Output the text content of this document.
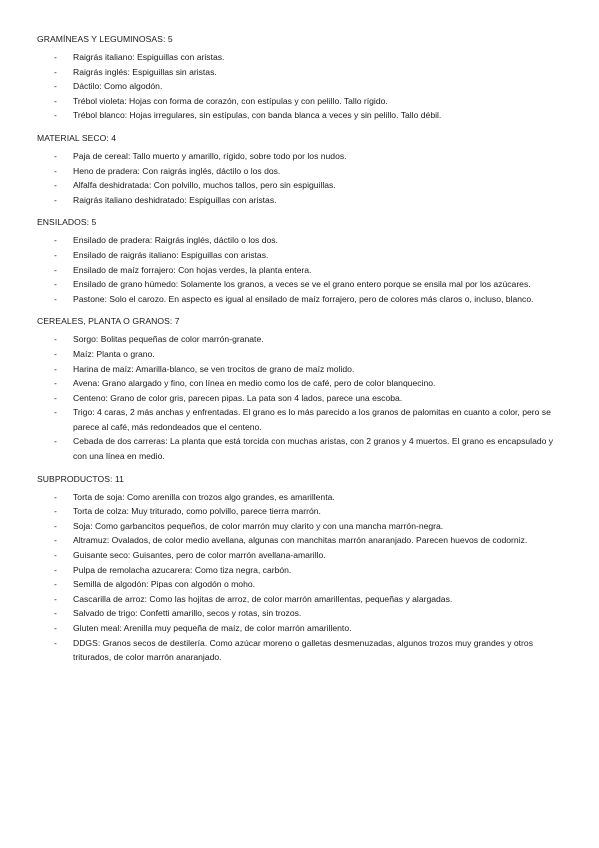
GRAMÍNEAS Y LEGUMINOSAS: 5

- Raigrás italiano: Espiguillas con aristas.
- Raigrás inglés: Espiguillas sin aristas.
- Dáctilo: Como algodón.
- Trébol violeta: Hojas con forma de corazón, con estípulas y con pelillo. Tallo rígido.
- Trébol blanco: Hojas irregulares, sin estípulas, con banda blanca a veces y sin pelillo. Tallo débil.

MATERIAL SECO: 4

- Paja de cereal: Tallo muerto y amarillo, rígido, sobre todo por los nudos.
- Heno de pradera: Con raigrás inglés, dáctilo o los dos.
- Alfalfa deshidratada: Con polvillo, muchos tallos, pero sin espiguillas.
- Raigrás italiano deshidratado: Espiguillas con aristas.

ENSILADOS: 5

- Ensilado de pradera: Raigrás inglés, dáctilo o los dos.
- Ensilado de raigrás italiano: Espiguillas con aristas.
- Ensilado de maíz forrajero: Con hojas verdes, la planta entera.
- Ensilado de grano húmedo: Solamente los granos, a veces se ve el grano entero porque se ensila mal por los azúcares.
- Pastone: Solo el carozo. En aspecto es igual al ensilado de maíz forrajero, pero de colores más claros o, incluso, blanco.

CEREALES, PLANTA O GRANOS: 7

- Sorgo: Bolitas pequeñas de color marrón-granate.
- Maíz: Planta o grano.
- Harina de maíz: Amarilla-blanco, se ven trocitos de grano de maíz molido.
- Avena: Grano alargado y fino, con línea en medio como los de café, pero de color blanquecino.
- Centeno: Grano de color gris, parecen pipas. La pata son 4 lados, parece una escoba.
- Trigo: 4 caras, 2 más anchas y enfrentadas. El grano es lo más parecido a los granos de palomitas en cuanto a color, pero se parece al café, más redondeados que el centeno.
- Cebada de dos carreras: La planta que está torcida con muchas aristas, con 2 granos y 4 muertos. El grano es encapsulado y con una línea en medio.

SUBPRODUCTOS: 11

- Torta de soja: Como arenilla con trozos algo grandes, es amarillenta.
- Torta de colza: Muy triturado, como polvillo, parece tierra marrón.
- Soja: Como garbancitos pequeños, de color marrón muy clarito y con una mancha marrón-negra.
- Altramuz: Ovalados, de color medio avellana, algunas con manchitas marrón anaranjado. Parecen huevos de codorniz.
- Guisante seco: Guisantes, pero de color marrón avellana-amarillo.
- Pulpa de remolacha azucarera: Como tiza negra, carbón.
- Semilla de algodón: Pipas con algodón o moho.
- Cascarilla de arroz: Como las hojitas de arroz, de color marrón amarillentas, pequeñas y alargadas.
- Salvado de trigo: Confetti amarillo, secos y rotas, sin trozos.
- Gluten meal: Arenilla muy pequeña de maíz, de color marrón amarillento.
- DDGS: Granos secos de destilería. Como azúcar moreno o galletas desmenuzadas, algunos trozos muy grandes y otros triturados, de color marrón anaranjado.
